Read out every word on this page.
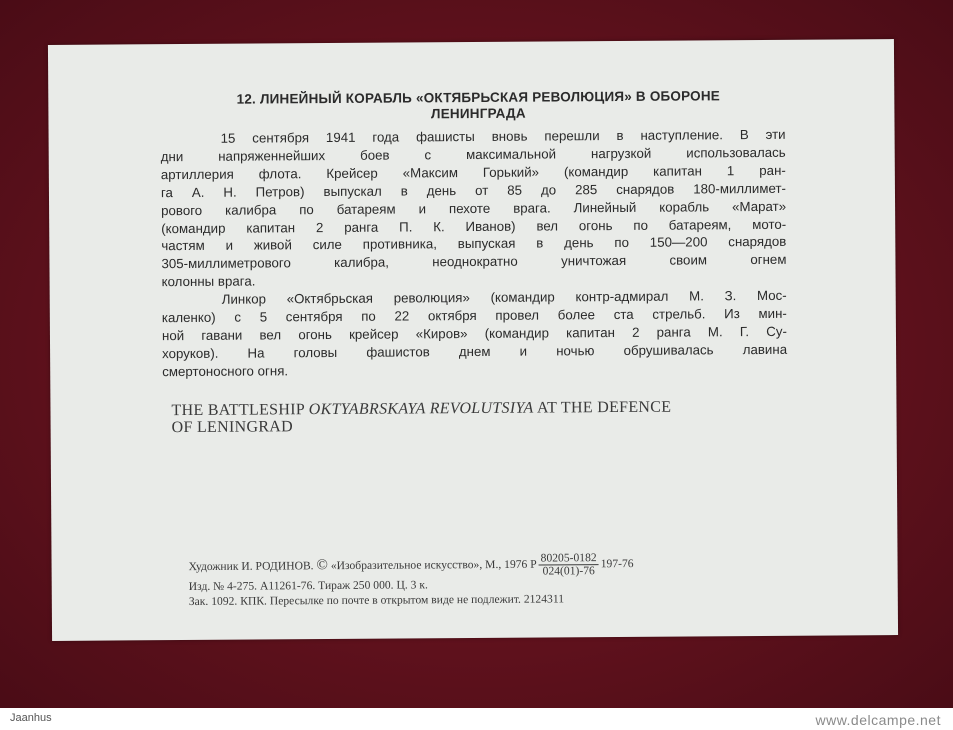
12. ЛИНЕЙНЫЙ КОРАБЛЬ «ОКТЯБРЬСКАЯ РЕВОЛЮЦИЯ» В ОБОРОНЕ
ЛЕНИНГРАДА

15 сентября 1941 года фашисты вновь перешли в наступление. В эти
дни напряженнейших боев с максимальной нагрузкой использовалась
артиллерия флота. Крейсер «Максим Горький» (командир капитан 1 ран-
га А. Н. Петров) выпускал в день от 85 до 285 снарядов 180-миллимет-
рового калибра по батареям и пехоте врага. Линейный корабль «Марат»
(командир капитан 2 ранга П. К. Иванов) вел огонь по батареям, мото-
частям и живой силе противника, выпуская в день по 150—200 снарядов
305-миллиметрового калибра, неоднократно уничтожая своим огнем
колонны врага.

Линкор «Октябрьская революция» (командир контр-адмирал М. З. Мос-
каленко) с 5 сентября по 22 октября провел более ста стрельб. Из мин-
ной гавани вел огонь крейсер «Киров» (командир капитан 2 ранга М. Г. Су-
хоруков). На головы фашистов днем и ночью обрушивалась лавина
смертоносного огня.

THE BATTLESHIP OKTYABRSKAYA REVOLUTSIYA AT THE DEFENCE
OF LENINGRAD
Художник И. РОДИНОВ. © «Изобразительное искусство», М., 1976 Р $\frac{80205-0182}{024(01)-76} 197-76$
Изд. № 4-275. А11261-76. Тираж 250 000. Ц. 3 к.
Зак. 1092. КПК. Пересылке по почте в открытом виде не подлежит. 2124311
Jaanhus	www.delcampe.net
